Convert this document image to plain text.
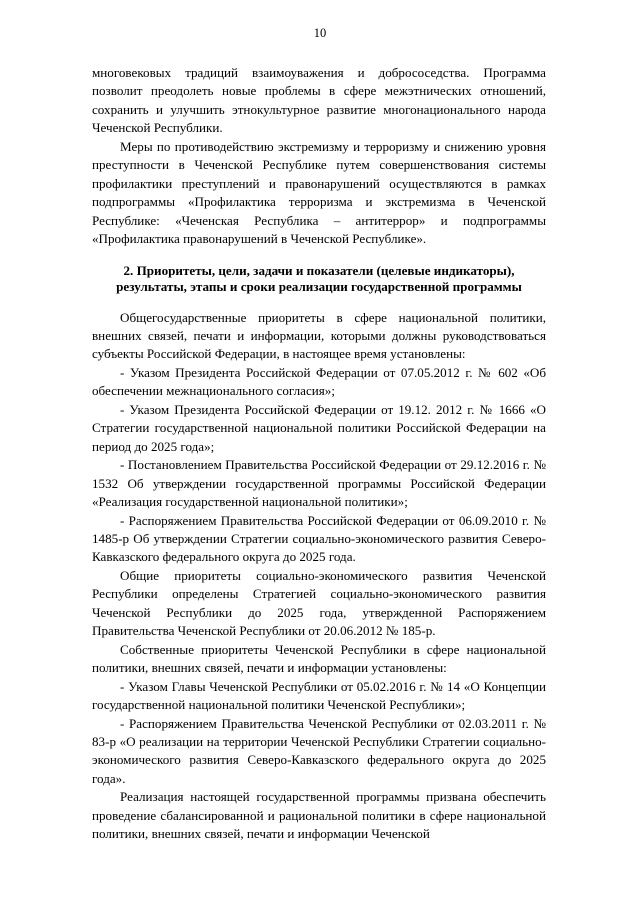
10

многовековых традиций взаимоуважения и добрососедства. Программа позволит преодолеть новые проблемы в сфере межэтнических отношений, сохранить и улучшить этнокультурное развитие многонационального народа Чеченской Республики.

Меры по противодействию экстремизму и терроризму и снижению уровня преступности в Чеченской Республике путем совершенствования системы профилактики преступлений и правонарушений осуществляются в рамках подпрограммы «Профилактика терроризма и экстремизма в Чеченской Республике: «Чеченская Республика – антитеррор» и подпрограммы «Профилактика правонарушений в Чеченской Республике».

2. Приоритеты, цели, задачи и показатели (целевые индикаторы), результаты, этапы и сроки реализации государственной программы

Общегосударственные приоритеты в сфере национальной политики, внешних связей, печати и информации, которыми должны руководствоваться субъекты Российской Федерации, в настоящее время установлены:

- Указом Президента Российской Федерации от 07.05.2012 г. № 602 «Об обеспечении межнационального согласия»;

- Указом Президента Российской Федерации от 19.12. 2012 г. № 1666 «О Стратегии государственной национальной политики Российской Федерации на период до 2025 года»;

- Постановлением Правительства Российской Федерации от 29.12.2016 г. № 1532 Об утверждении государственной программы Российской Федерации «Реализация государственной национальной политики»;

- Распоряжением Правительства Российской Федерации от 06.09.2010 г. № 1485-р Об утверждении Стратегии социально-экономического развития Северо-Кавказского федерального округа до 2025 года.

Общие приоритеты социально-экономического развития Чеченской Республики определены Стратегией социально-экономического развития Чеченской Республики до 2025 года, утвержденной Распоряжением Правительства Чеченской Республики от 20.06.2012 № 185-р.

Собственные приоритеты Чеченской Республики в сфере национальной политики, внешних связей, печати и информации установлены:

- Указом Главы Чеченской Республики от 05.02.2016 г. № 14 «О Концепции государственной национальной политики Чеченской Республики»;

- Распоряжением Правительства Чеченской Республики от 02.03.2011 г. № 83-р «О реализации на территории Чеченской Республики Стратегии социально-экономического развития Северо-Кавказского федерального округа до 2025 года».

Реализация настоящей государственной программы призвана обеспечить проведение сбалансированной и рациональной политики в сфере национальной политики, внешних связей, печати и информации Чеченской
